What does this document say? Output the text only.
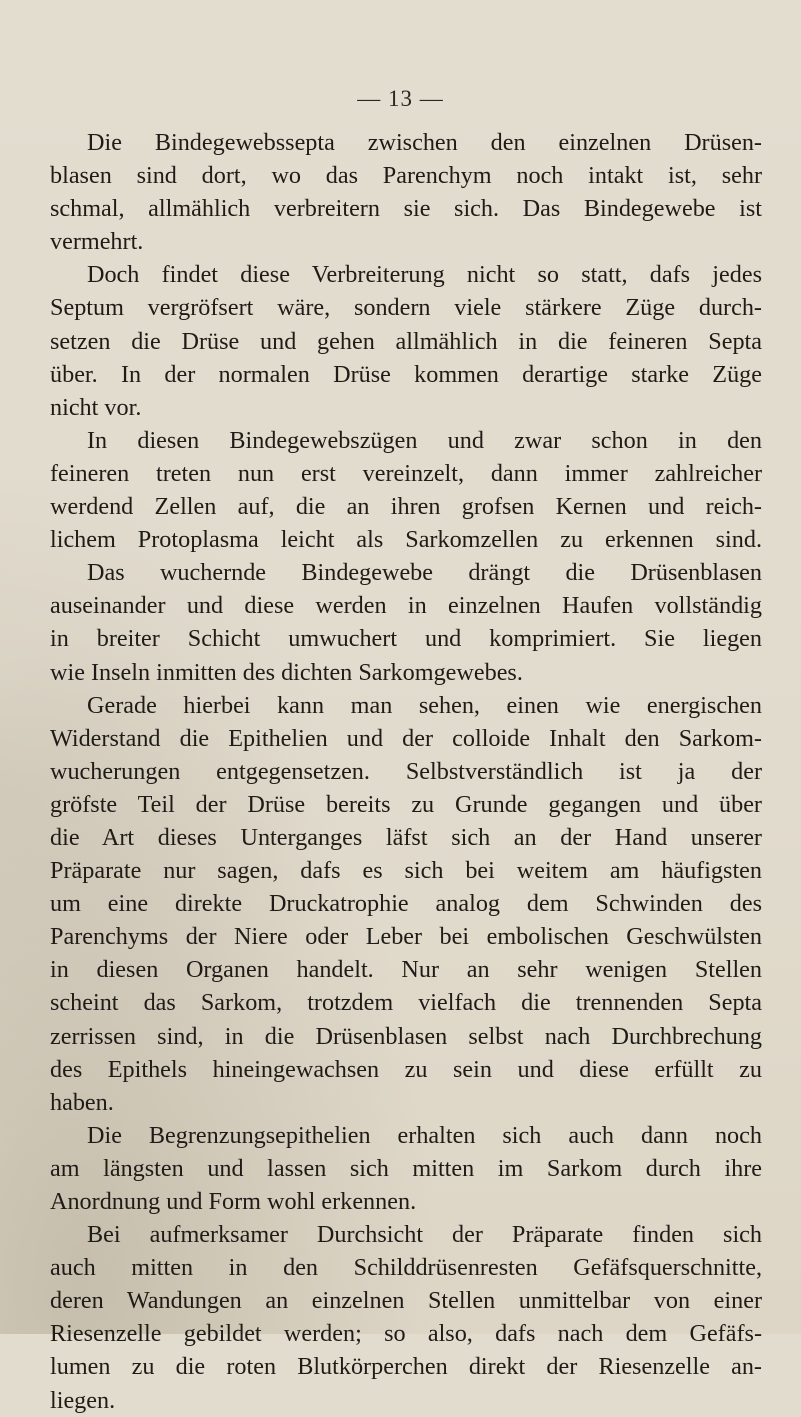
— 13 —
Die Bindegewebssepta zwischen den einzelnen Drüsen-
blasen sind dort, wo das Parenchym noch intakt ist, sehr
schmal, allmählich verbreitern sie sich. Das Bindegewebe ist
vermehrt.
Doch findet diese Verbreiterung nicht so statt, dafs jedes
Septum vergröfsert wäre, sondern viele stärkere Züge durch-
setzen die Drüse und gehen allmählich in die feineren Septa
über. In der normalen Drüse kommen derartige starke Züge
nicht vor.
In diesen Bindegewebszügen und zwar schon in den
feineren treten nun erst vereinzelt, dann immer zahlreicher
werdend Zellen auf, die an ihren grofsen Kernen und reich-
lichem Protoplasma leicht als Sarkomzellen zu erkennen sind.
Das wuchernde Bindegewebe drängt die Drüsenblasen
auseinander und diese werden in einzelnen Haufen vollständig
in breiter Schicht umwuchert und komprimiert. Sie liegen
wie Inseln inmitten des dichten Sarkomgewebes.
Gerade hierbei kann man sehen, einen wie energischen
Widerstand die Epithelien und der colloide Inhalt den Sarkom-
wucherungen entgegensetzen. Selbstverständlich ist ja der
gröfste Teil der Drüse bereits zu Grunde gegangen und über
die Art dieses Unterganges läfst sich an der Hand unserer
Präparate nur sagen, dafs es sich bei weitem am häufigsten
um eine direkte Druckatrophie analog dem Schwinden des
Parenchyms der Niere oder Leber bei embolischen Geschwülsten
in diesen Organen handelt. Nur an sehr wenigen Stellen
scheint das Sarkom, trotzdem vielfach die trennenden Septa
zerrissen sind, in die Drüsenblasen selbst nach Durchbrechung
des Epithels hineingewachsen zu sein und diese erfüllt zu
haben.
Die Begrenzungsepithelien erhalten sich auch dann noch
am längsten und lassen sich mitten im Sarkom durch ihre
Anordnung und Form wohl erkennen.
Bei aufmerksamer Durchsicht der Präparate finden sich
auch mitten in den Schilddrüsenresten Gefäfsquerschnitte,
deren Wandungen an einzelnen Stellen unmittelbar von einer
Riesenzelle gebildet werden; so also, dafs nach dem Gefäfs-
lumen zu die roten Blutkörperchen direkt der Riesenzelle an-
liegen.
